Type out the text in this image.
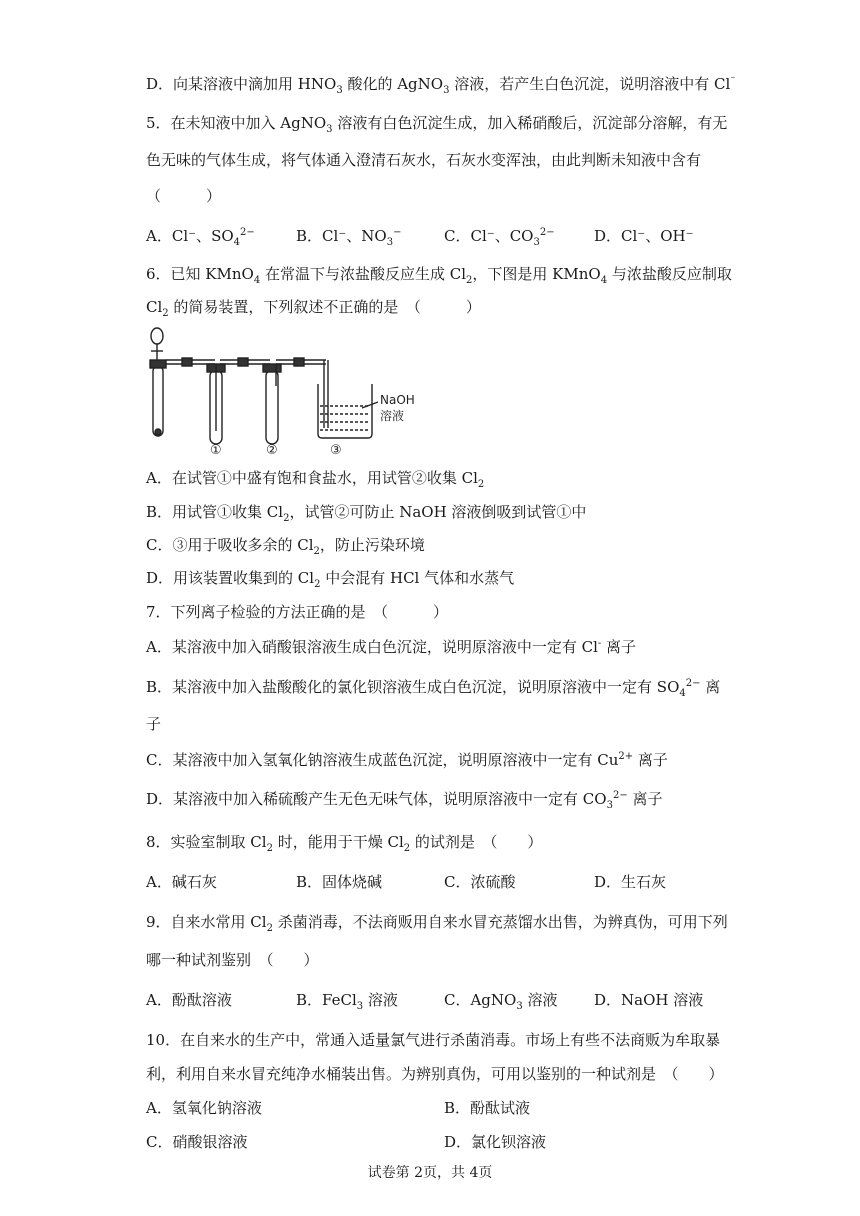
D．向某溶液中滴加用 $HNO_3$ 酸化的 AgNO$_3$ 溶液，若产生白色沉淀，说明溶液中有 Cl⁻
5．在未知液中加入 AgNO$_3$ 溶液有白色沉淀生成，加入稀硝酸后，沉淀部分溶解，有无
色无味的气体生成，将气体通入澄清石灰水，石灰水变浑浊，由此判断未知液中含有
（　　　）
A．Cl⁻、$SO_4^{2-}$	B．Cl⁻、$NO_3^-$	C．Cl⁻、$CO_3^{2-}$	D．Cl⁻、OH⁻
6．已知 KMnO$_4$ 在常温下与浓盐酸反应生成 $Cl_2$，下图是用 KMnO$_4$ 与浓盐酸反应制取
$Cl_2$ 的简易装置，下列叙述不正确的是　（　　　）
NaOH
溶液
①	②	③
A．在试管①中盛有饱和食盐水，用试管②收集 $Cl_2$
B．用试管①收集 $Cl_2$，试管②可防止 NaOH 溶液倒吸到试管①中
C．③用于吸收多余的 $Cl_2$，防止污染环境
D．用该装置收集到的 $Cl_2$ 中会混有 HCl 气体和水蒸气
7．下列离子检验的方法正确的是　（　　　）
A．某溶液中加入硝酸银溶液生成白色沉淀，说明原溶液中一定有 Cl- 离子
B．某溶液中加入盐酸酸化的氯化钡溶液生成白色沉淀，说明原溶液中一定有 $SO_4^{2-}$ 离
子
C．某溶液中加入氢氧化钠溶液生成蓝色沉淀，说明原溶液中一定有 $Cu^{2+}$ 离子
D．某溶液中加入稀硫酸产生无色无味气体，说明原溶液中一定有 $CO_3^{2-}$ 离子
8．实验室制取 $Cl_2$ 时，能用于干燥 $Cl_2$ 的试剂是　（　　）
A．碱石灰	B．固体烧碱	C．浓硫酸	D．生石灰
9．自来水常用 $Cl_2$ 杀菌消毒，不法商贩用自来水冒充蒸馏水出售，为辨真伪，可用下列
哪一种试剂鉴别　（　　）
A．酚酞溶液	B．FeCl$_3$ 溶液	C．AgNO$_3$ 溶液 D．NaOH 溶液
10．在自来水的生产中，常通入适量氯气进行杀菌消毒。市场上有些不法商贩为牟取暴
利，利用自来水冒充纯净水桶装出售。为辨别真伪，可用以鉴别的一种试剂是　（　　）
A．氢氧化钠溶液	B．酚酞试液
C．硝酸银溶液	D．氯化钡溶液
试卷第 2页，共 4页
